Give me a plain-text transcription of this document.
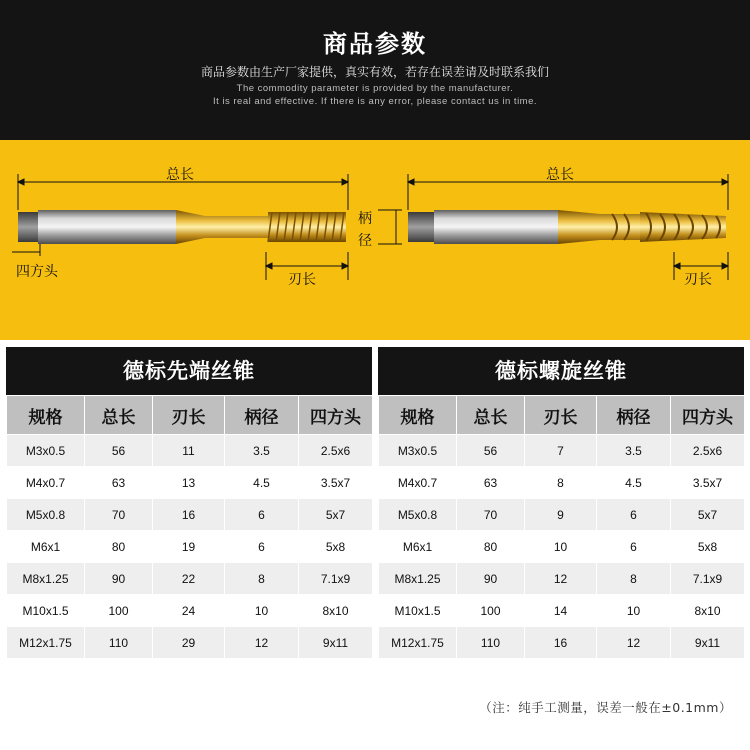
商品参数
商品参数由生产厂家提供，真实有效，若存在误差请及时联系我们
The commodity parameter is provided by the manufacturer.
It is real and effective. If there is any error, please contact us in time.
总长
四方头	刃长
柄径
总长
刃长
德标先端丝锥
规格	总长	刃长	柄径	四方头
M3x0.5	56	11	3.5	2.5x6
M4x0.7	63	13	4.5	3.5x7
M5x0.8	70	16	6	5x7
M6x1	80	19	6	5x8
M8x1.25	90	22	8	7.1x9
M10x1.5	100	24	10	8x10
M12x1.75	110	29	12	9x11
德标螺旋丝锥
规格	总长	刃长	柄径	四方头
M3x0.5	56	7	3.5	2.5x6
M4x0.7	63	8	4.5	3.5x7
M5x0.8	70	9	6	5x7
M6x1	80	10	6	5x8
M8x1.25	90	12	8	7.1x9
M10x1.5	100	14	10	8x10
M12x1.75	110	16	12	9x11
（注：纯手工测量，误差一般在±0.1mm）
